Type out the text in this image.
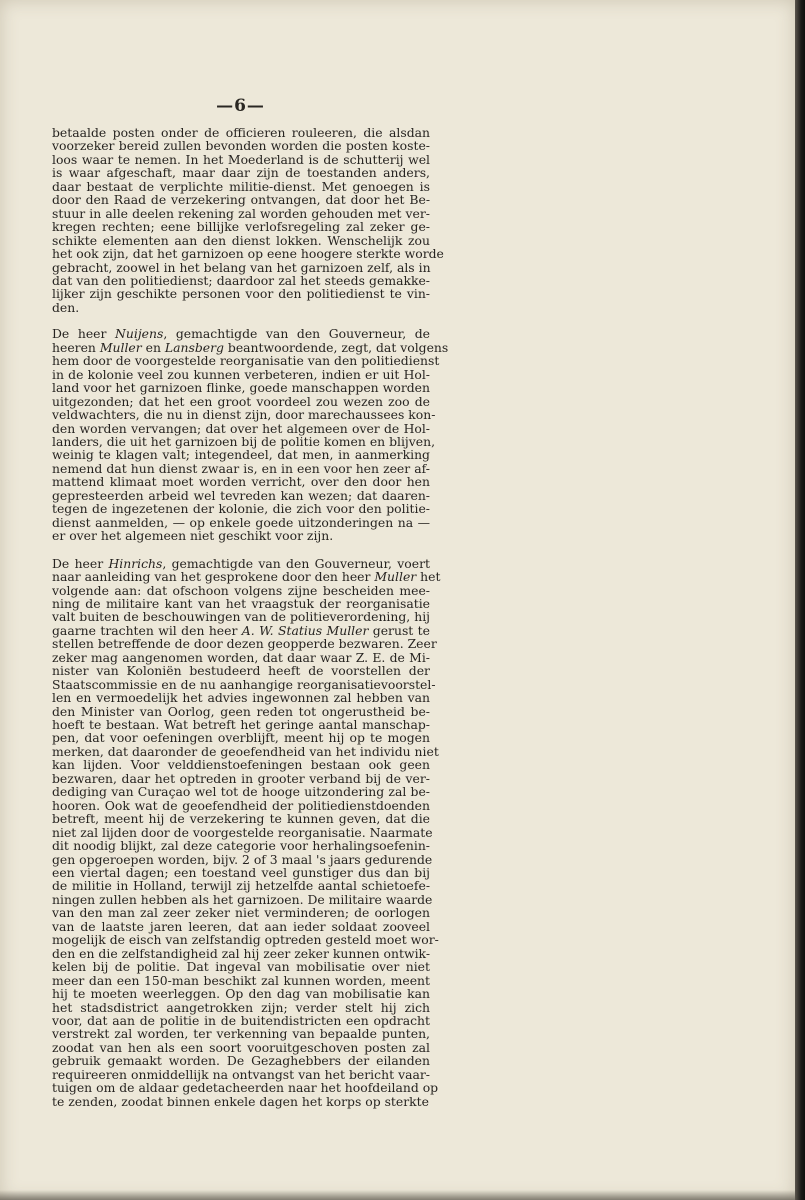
—6—
betaalde posten onder de officieren rouleeren, die alsdan
voorzeker bereid zullen bevonden worden die posten koste-
loos waar te nemen. In het Moederland is de schutterij wel
is waar afgeschaft, maar daar zijn de toestanden anders,
daar bestaat de verplichte militie-dienst. Met genoegen is
door den Raad de verzekering ontvangen, dat door het Be-
stuur in alle deelen rekening zal worden gehouden met ver-
kregen rechten; eene billijke verlofsregeling zal zeker ge-
schikte elementen aan den dienst lokken. Wenschelijk zou
het ook zijn, dat het garnizoen op eene hoogere sterkte worde
gebracht, zoowel in het belang van het garnizoen zelf, als in
dat van den politiedienst; daardoor zal het steeds gemakke-
lijker zijn geschikte personen voor den politiedienst te vin-
den.
De heer Nuijens, gemachtigde van den Gouverneur, de
heeren Muller en Lansberg beantwoordende, zegt, dat volgens
hem door de voorgestelde reorganisatie van den politiedienst
in de kolonie veel zou kunnen verbeteren, indien er uit Hol-
land voor het garnizoen flinke, goede manschappen worden
uitgezonden; dat het een groot voordeel zou wezen zoo de
veldwachters, die nu in dienst zijn, door marechaussees kon-
den worden vervangen; dat over het algemeen over de Hol-
landers, die uit het garnizoen bij de politie komen en blijven,
weinig te klagen valt; integendeel, dat men, in aanmerking
nemend dat hun dienst zwaar is, en in een voor hen zeer af-
mattend klimaat moet worden verricht, over den door hen
gepresteerden arbeid wel tevreden kan wezen; dat daaren-
tegen de ingezetenen der kolonie, die zich voor den politie-
dienst aanmelden, — op enkele goede uitzonderingen na —
er over het algemeen niet geschikt voor zijn.
De heer Hinrichs, gemachtigde van den Gouverneur, voert
naar aanleiding van het gesprokene door den heer Muller het
volgende aan: dat ofschoon volgens zijne bescheiden mee-
ning de militaire kant van het vraagstuk der reorganisatie
valt buiten de beschouwingen van de politieverordening, hij
gaarne trachten wil den heer A. W. Statius Muller gerust te
stellen betreffende de door dezen geopperde bezwaren. Zeer
zeker mag aangenomen worden, dat daar waar Z. E. de Mi-
nister van Koloniën bestudeerd heeft de voorstellen der
Staatscommissie en de nu aanhangige reorganisatievoorstel-
len en vermoedelijk het advies ingewonnen zal hebben van
den Minister van Oorlog, geen reden tot ongerustheid be-
hoeft te bestaan. Wat betreft het geringe aantal manschap-
pen, dat voor oefeningen overblijft, meent hij op te mogen
merken, dat daaronder de geoefendheid van het individu niet
kan lijden. Voor velddienstoefeningen bestaan ook geen
bezwaren, daar het optreden in grooter verband bij de ver-
dediging van Curaçao wel tot de hooge uitzondering zal be-
hooren. Ook wat de geoefendheid der politiedienstdoenden
betreft, meent hij de verzekering te kunnen geven, dat die
niet zal lijden door de voorgestelde reorganisatie. Naarmate
dit noodig blijkt, zal deze categorie voor herhalingsoefenin-
gen opgeroepen worden, bijv. 2 of 3 maal 's jaars gedurende
een viertal dagen; een toestand veel gunstiger dus dan bij
de militie in Holland, terwijl zij hetzelfde aantal schietoefe-
ningen zullen hebben als het garnizoen. De militaire waarde
van den man zal zeer zeker niet verminderen; de oorlogen
van de laatste jaren leeren, dat aan ieder soldaat zooveel
mogelijk de eisch van zelfstandig optreden gesteld moet wor-
den en die zelfstandigheid zal hij zeer zeker kunnen ontwik-
kelen bij de politie. Dat ingeval van mobilisatie over niet
meer dan een 150-man beschikt zal kunnen worden, meent
hij te moeten weerleggen. Op den dag van mobilisatie kan
het stadsdistrict aangetrokken zijn; verder stelt hij zich
voor, dat aan de politie in de buitendistricten een opdracht
verstrekt zal worden, ter verkenning van bepaalde punten,
zoodat van hen als een soort vooruitgeschoven posten zal
gebruik gemaakt worden. De Gezaghebbers der eilanden
requireeren onmiddellijk na ontvangst van het bericht vaar-
tuigen om de aldaar gedetacheerden naar het hoofdeiland op
te zenden, zoodat binnen enkele dagen het korps op sterkte
